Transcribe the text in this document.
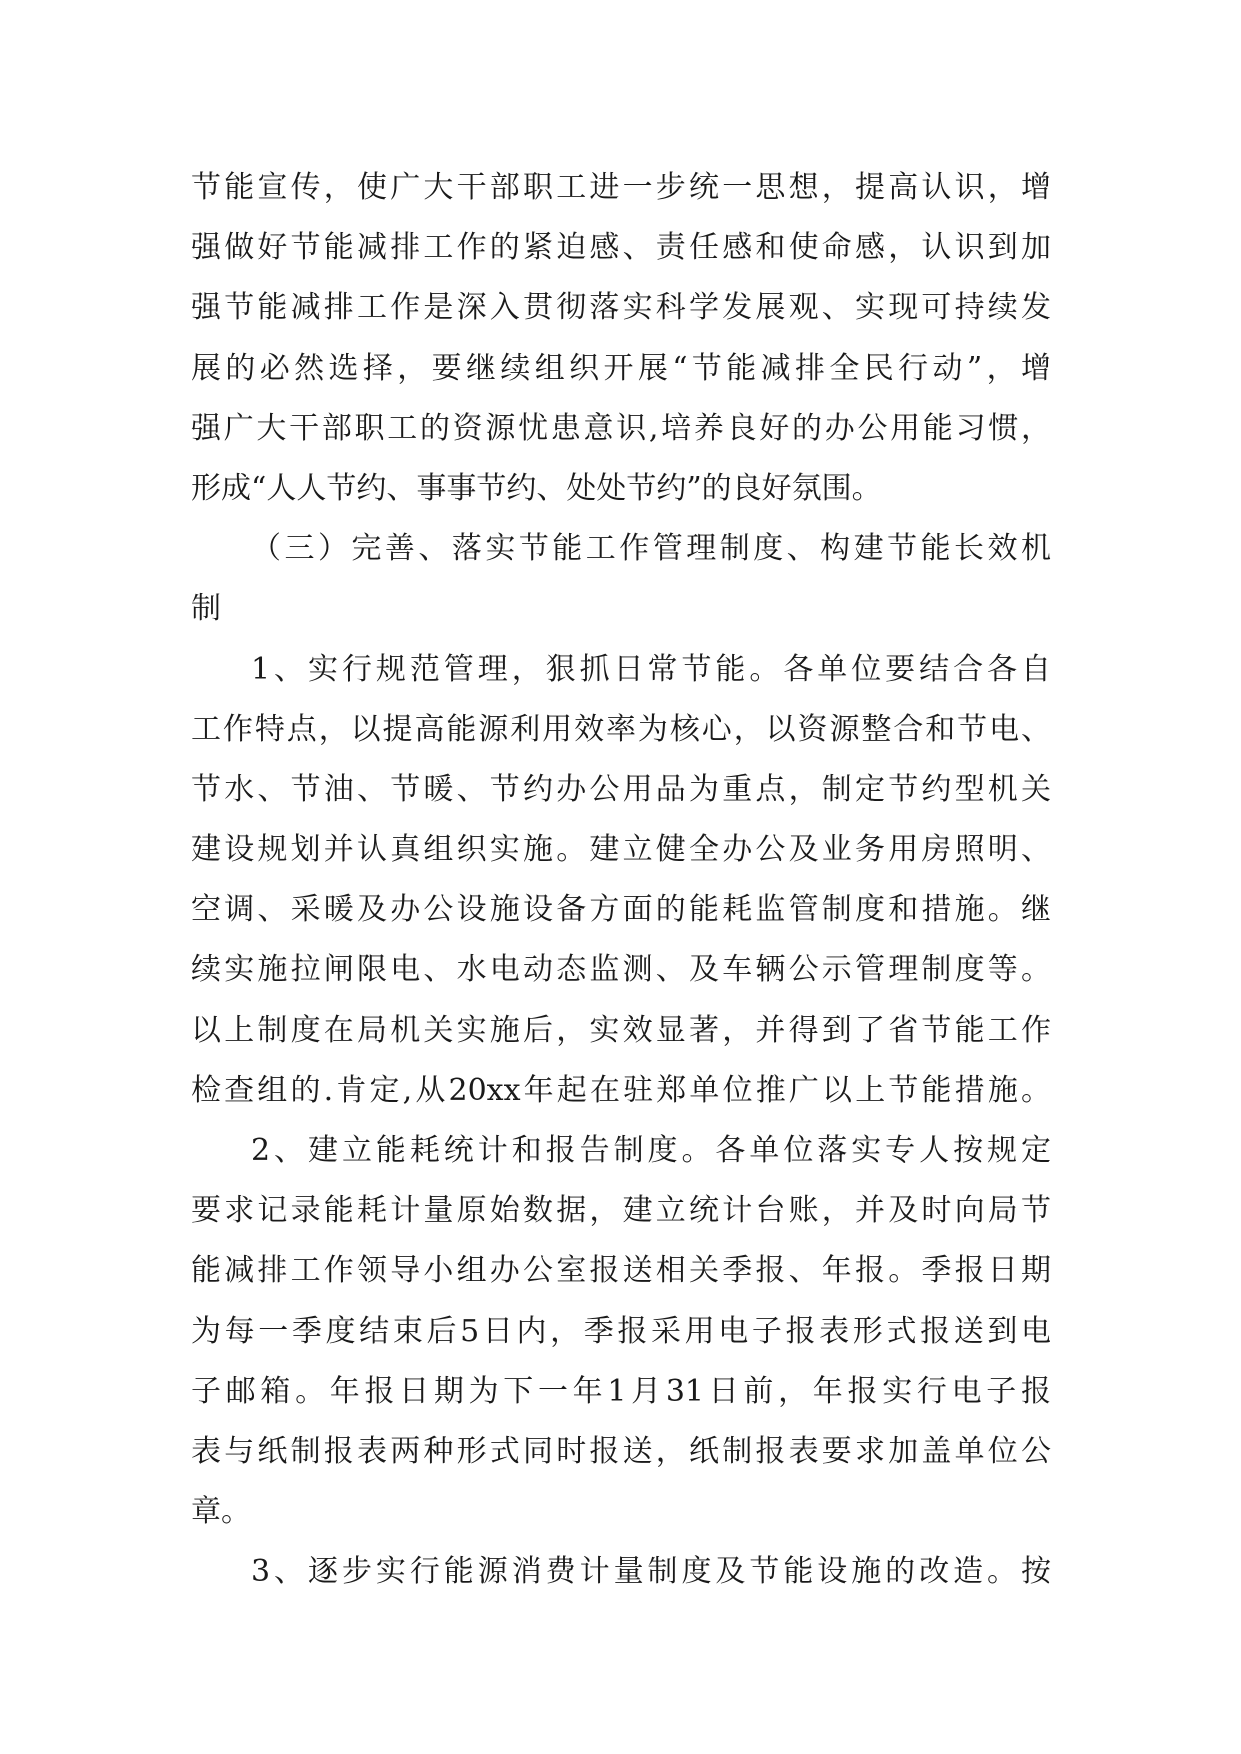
节能宣传，使广大干部职工进一步统一思想，提高认识，增
强做好节能减排工作的紧迫感、责任感和使命感，认识到加
强节能减排工作是深入贯彻落实科学发展观、实现可持续发
展的必然选择，要继续组织开展“节能减排全民行动”，增
强广大干部职工的资源忧患意识,培养良好的办公用能习惯，
形成“人人节约、事事节约、处处节约”的良好氛围。
（三）完善、落实节能工作管理制度、构建节能长效机
制
1、实行规范管理，狠抓日常节能。各单位要结合各自
工作特点，以提高能源利用效率为核心，以资源整合和节电、
节水、节油、节暖、节约办公用品为重点，制定节约型机关
建设规划并认真组织实施。建立健全办公及业务用房照明、
空调、采暖及办公设施设备方面的能耗监管制度和措施。继
续实施拉闸限电、水电动态监测、及车辆公示管理制度等。
以上制度在局机关实施后，实效显著，并得到了省节能工作
检查组的.肯定,从20xx年起在驻郑单位推广以上节能措施。
2、建立能耗统计和报告制度。各单位落实专人按规定
要求记录能耗计量原始数据，建立统计台账，并及时向局节
能减排工作领导小组办公室报送相关季报、年报。季报日期
为每一季度结束后5日内，季报采用电子报表形式报送到电
子邮箱。年报日期为下一年1月31日前，年报实行电子报
表与纸制报表两种形式同时报送，纸制报表要求加盖单位公
章。
3、逐步实行能源消费计量制度及节能设施的改造。按
